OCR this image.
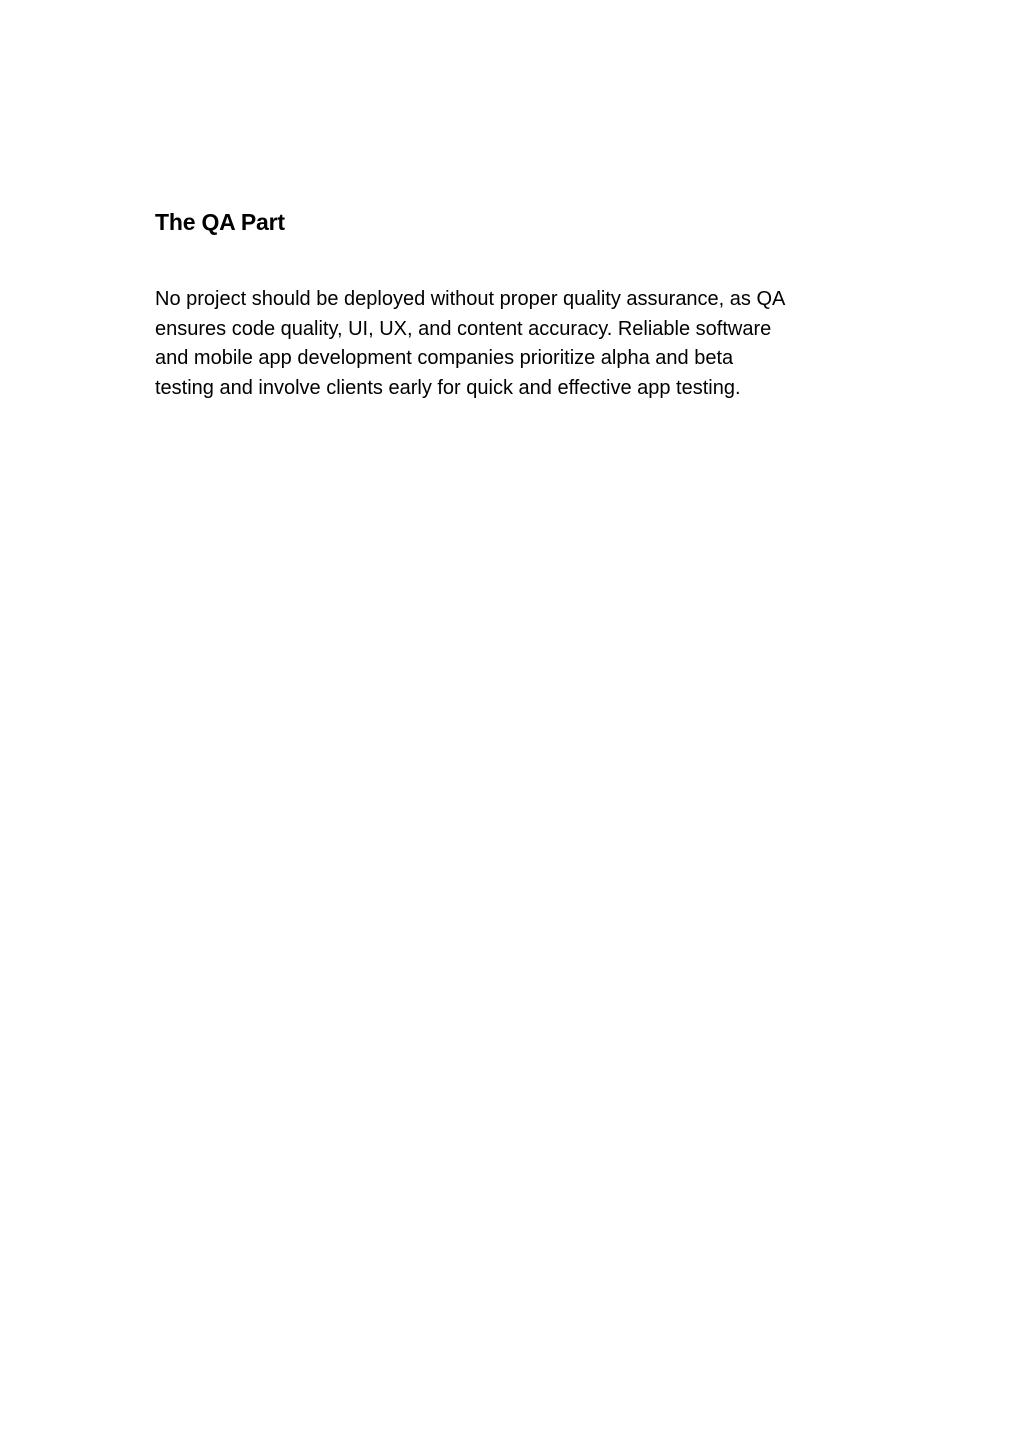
The QA Part

No project should be deployed without proper quality assurance, as QA
ensures code quality, UI, UX, and content accuracy. Reliable software
and mobile app development companies prioritize alpha and beta
testing and involve clients early for quick and effective app testing.
